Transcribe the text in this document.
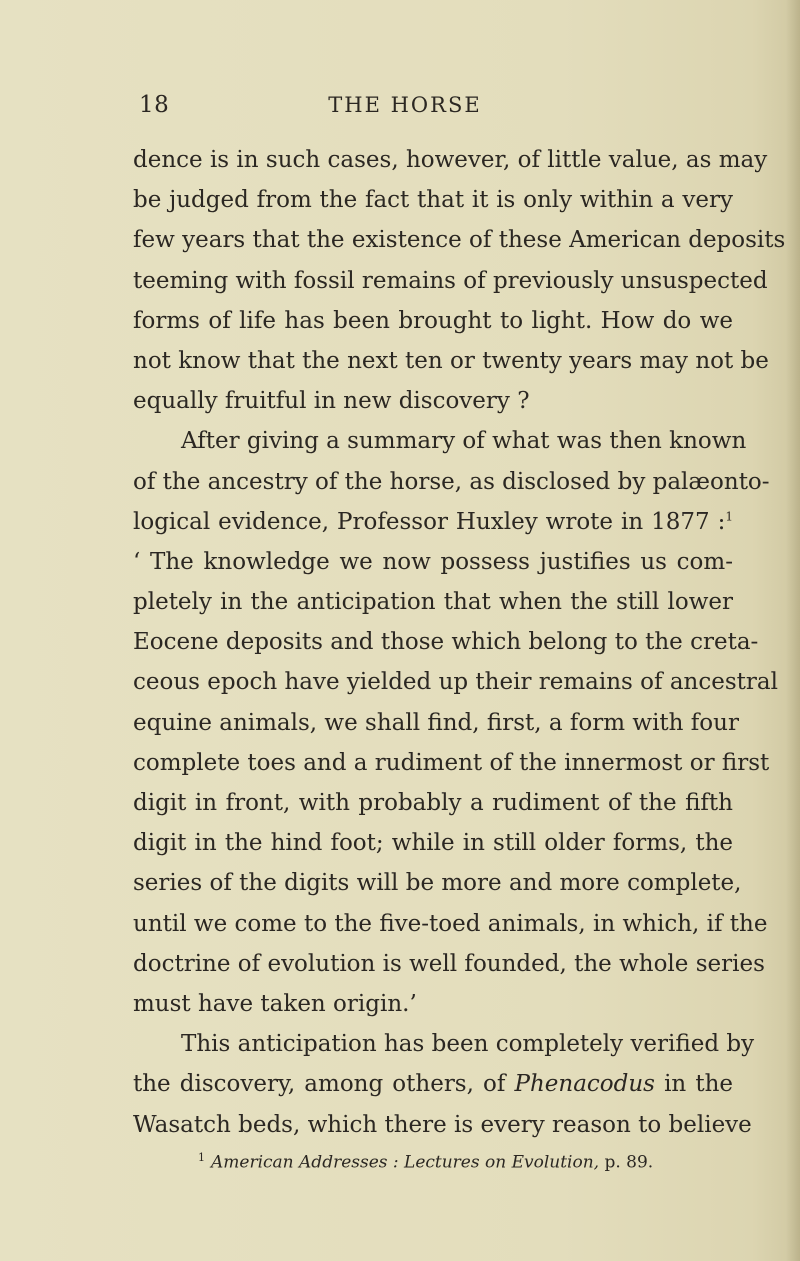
18	THE HORSE
dence is in such cases, however, of little value, as may
be judged from the fact that it is only within a very
few years that the existence of these American deposits
teeming with fossil remains of previously unsuspected
forms of life has been brought to light. How do we
not know that the next ten or twenty years may not be
equally fruitful in new discovery ?
After giving a summary of what was then known
of the ancestry of the horse, as disclosed by palæonto-
logical evidence, Professor Huxley wrote in 1877 :$^1$
‘ The knowledge we now possess justifies us com-
pletely in the anticipation that when the still lower
Eocene deposits and those which belong to the creta-
ceous epoch have yielded up their remains of ancestral
equine animals, we shall find, first, a form with four
complete toes and a rudiment of the innermost or first
digit in front, with probably a rudiment of the fifth
digit in the hind foot; while in still older forms, the
series of the digits will be more and more complete,
until we come to the five-toed animals, in which, if the
doctrine of evolution is well founded, the whole series
must have taken origin.’
This anticipation has been completely verified by
the discovery, among others, of Phenacodus in the
Wasatch beds, which there is every reason to believe
$^1$ American Addresses : Lectures on Evolution, p. 89.
